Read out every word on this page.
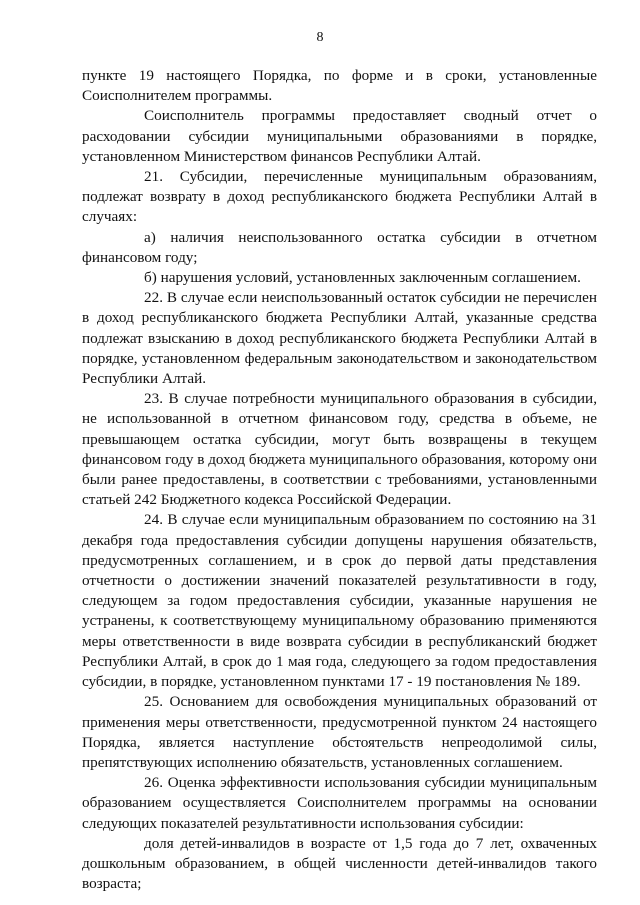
8

пункте 19 настоящего Порядка, по форме и в сроки, установленные Соисполнителем программы.

Соисполнитель программы предоставляет сводный отчет о расходовании субсидии муниципальными образованиями в порядке, установленном Министерством финансов Республики Алтай.

21. Субсидии, перечисленные муниципальным образованиям, подлежат возврату в доход республиканского бюджета Республики Алтай в случаях:

а) наличия неиспользованного остатка субсидии в отчетном финансовом году;

б) нарушения условий, установленных заключенным соглашением.

22. В случае если неиспользованный остаток субсидии не перечислен в доход республиканского бюджета Республики Алтай, указанные средства подлежат взысканию в доход республиканского бюджета Республики Алтай в порядке, установленном федеральным законодательством и законодательством Республики Алтай.

23. В случае потребности муниципального образования в субсидии, не использованной в отчетном финансовом году, средства в объеме, не превышающем остатка субсидии, могут быть возвращены в текущем финансовом году в доход бюджета муниципального образования, которому они были ранее предоставлены, в соответствии с требованиями, установленными статьей 242 Бюджетного кодекса Российской Федерации.

24. В случае если муниципальным образованием по состоянию на 31 декабря года предоставления субсидии допущены нарушения обязательств, предусмотренных соглашением, и в срок до первой даты представления отчетности о достижении значений показателей результативности в году, следующем за годом предоставления субсидии, указанные нарушения не устранены, к соответствующему муниципальному образованию применяются меры ответственности в виде возврата субсидии в республиканский бюджет Республики Алтай, в срок до 1 мая года, следующего за годом предоставления субсидии, в порядке, установленном пунктами 17 - 19 постановления № 189.

25. Основанием для освобождения муниципальных образований от применения меры ответственности, предусмотренной пунктом 24 настоящего Порядка, является наступление обстоятельств непреодолимой силы, препятствующих исполнению обязательств, установленных соглашением.

26. Оценка эффективности использования субсидии муниципальным образованием осуществляется Соисполнителем программы на основании следующих показателей результативности использования субсидии:

доля детей-инвалидов в возрасте от 1,5 года до 7 лет, охваченных дошкольным образованием, в общей численности детей-инвалидов такого возраста;
